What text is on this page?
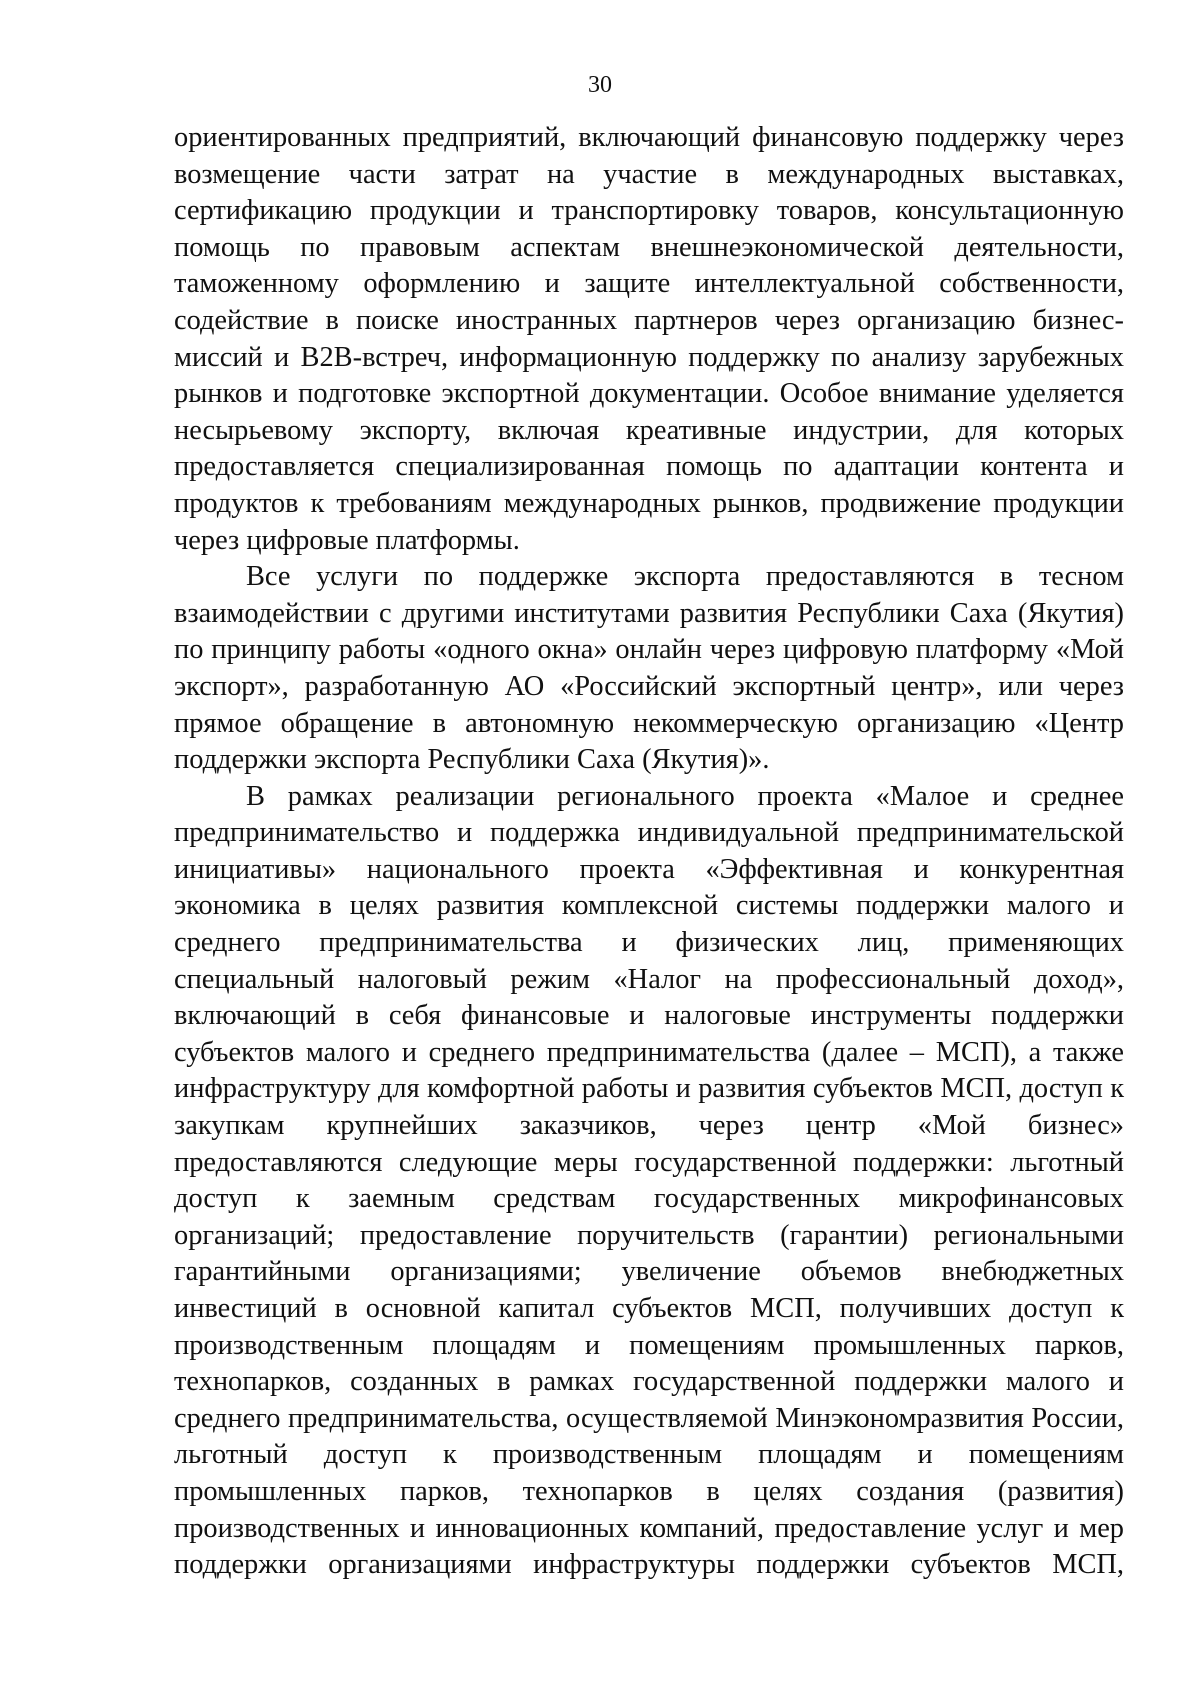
30

ориентированных предприятий, включающий финансовую поддержку через возмещение части затрат на участие в международных выставках, сертификацию продукции и транспортировку товаров, консультационную помощь по правовым аспектам внешнеэкономической деятельности, таможенному оформлению и защите интеллектуальной собственности, содействие в поиске иностранных партнеров через организацию бизнес-миссий и B2B-встреч, информационную поддержку по анализу зарубежных рынков и подготовке экспортной документации. Особое внимание уделяется несырьевому экспорту, включая креативные индустрии, для которых предоставляется специализированная помощь по адаптации контента и продуктов к требованиям международных рынков, продвижение продукции через цифровые платформы.

Все услуги по поддержке экспорта предоставляются в тесном взаимодействии с другими институтами развития Республики Саха (Якутия) по принципу работы «одного окна» онлайн через цифровую платформу «Мой экспорт», разработанную АО «Российский экспортный центр», или через прямое обращение в автономную некоммерческую организацию «Центр поддержки экспорта Республики Саха (Якутия)».

В рамках реализации регионального проекта «Малое и среднее предпринимательство и поддержка индивидуальной предпринимательской инициативы» национального проекта «Эффективная и конкурентная экономика в целях развития комплексной системы поддержки малого и среднего предпринимательства и физических лиц, применяющих специальный налоговый режим «Налог на профессиональный доход», включающий в себя финансовые и налоговые инструменты поддержки субъектов малого и среднего предпринимательства (далее – МСП), а также инфраструктуру для комфортной работы и развития субъектов МСП, доступ к закупкам крупнейших заказчиков, через центр «Мой бизнес» предоставляются следующие меры государственной поддержки: льготный доступ к заемным средствам государственных микрофинансовых организаций; предоставление поручительств (гарантии) региональными гарантийными организациями; увеличение объемов внебюджетных инвестиций в основной капитал субъектов МСП, получивших доступ к производственным площадям и помещениям промышленных парков, технопарков, созданных в рамках государственной поддержки малого и среднего предпринимательства, осуществляемой Минэкономразвития России, льготный доступ к производственным площадям и помещениям промышленных парков, технопарков в целях создания (развития) производственных и инновационных компаний, предоставление услуг и мер поддержки организациями инфраструктуры поддержки субъектов МСП,
